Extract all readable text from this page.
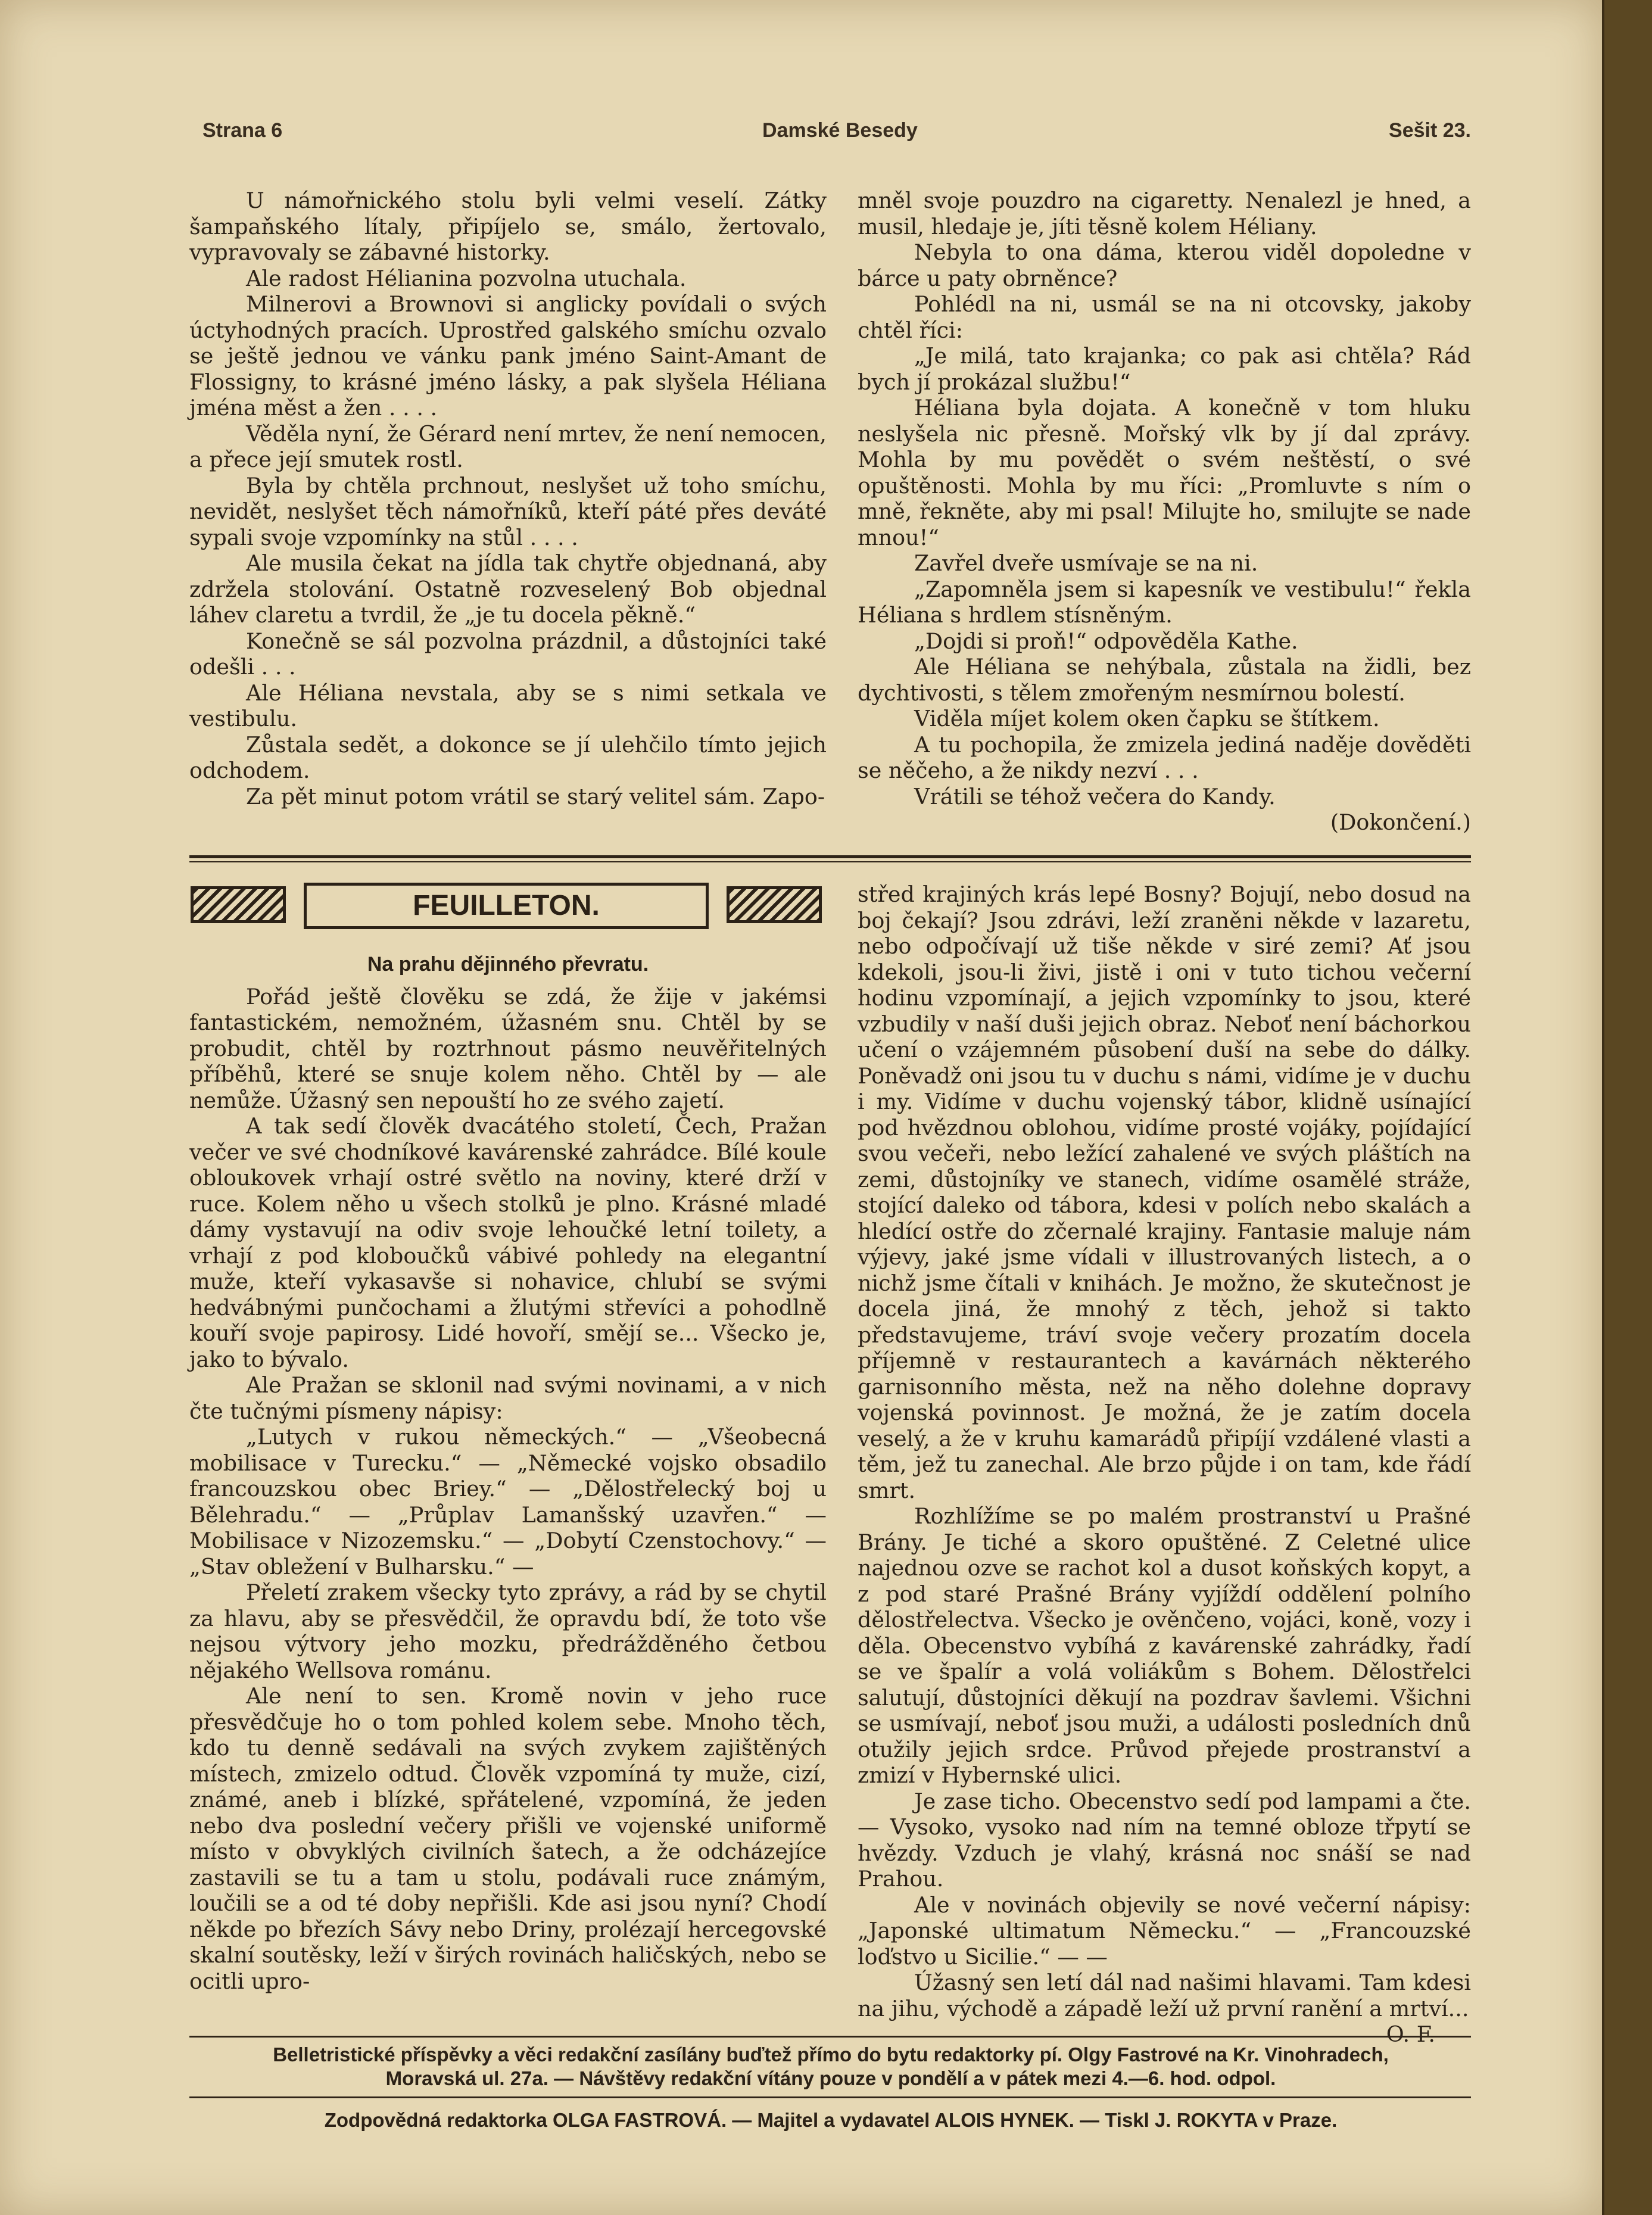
Strana 6	Damské Besedy	Sešit 23.

U námořnického stolu byli velmi veselí. Zátky šampaňského lítaly, připíjelo se, smálo, žertovalo, vypravovaly se zábavné historky.

Ale radost Hélianina pozvolna utuchala.

Milnerovi a Brownovi si anglicky povídali o svých úctyhodných pracích. Uprostřed galského smíchu ozvalo se ještě jednou ve vánku pank jméno Saint-Amant de Flossigny, to krásné jméno lásky, a pak slyšela Héliana jména měst a žen . . . .

Věděla nyní, že Gérard není mrtev, že není nemocen, a přece její smutek rostl.

Byla by chtěla prchnout, neslyšet už toho smíchu, nevidět, neslyšet těch námořníků, kteří páté přes deváté sypali svoje vzpomínky na stůl . . . .

Ale musila čekat na jídla tak chytře objednaná, aby zdržela stolování. Ostatně rozveselený Bob objednal láhev claretu a tvrdil, že „je tu docela pěkně.“

Konečně se sál pozvolna prázdnil, a důstojníci také odešli . . .

Ale Héliana nevstala, aby se s nimi setkala ve vestibulu.

Zůstala sedět, a dokonce se jí ulehčilo tímto jejich odchodem.

Za pět minut potom vrátil se starý velitel sám. Zapo-

mněl svoje pouzdro na cigaretty. Nenalezl je hned, a musil, hledaje je, jíti těsně kolem Héliany.

Nebyla to ona dáma, kterou viděl dopoledne v bárce u paty obrněnce?

Pohlédl na ni, usmál se na ni otcovsky, jakoby chtěl říci:

„Je milá, tato krajanka; co pak asi chtěla? Rád bych jí prokázal službu!“

Héliana byla dojata. A konečně v tom hluku neslyšela nic přesně. Mořský vlk by jí dal zprávy. Mohla by mu povědět o svém neštěstí, o své opuštěnosti. Mohla by mu říci: „Promluvte s ním o mně, řekněte, aby mi psal! Milujte ho, smilujte se nade mnou!“

Zavřel dveře usmívaje se na ni.

„Zapomněla jsem si kapesník ve vestibulu!“ řekla Héliana s hrdlem stísněným.

„Dojdi si proň!“ odpověděla Kathe.

Ale Héliana se nehýbala, zůstala na židli, bez dychtivosti, s tělem zmořeným nesmírnou bolestí.

Viděla míjet kolem oken čapku se štítkem.

A tu pochopila, že zmizela jediná naděje dověděti se něčeho, a že nikdy nezví . . .

Vrátili se téhož večera do Kandy.

(Dokončení.)

FEUILLETON.

Na prahu dějinného převratu.

Pořád ještě člověku se zdá, že žije v jakémsi fantastickém, nemožném, úžasném snu. Chtěl by se probudit, chtěl by roztrhnout pásmo neuvěřitelných příběhů, které se snuje kolem něho. Chtěl by — ale nemůže. Úžasný sen nepouští ho ze svého zajetí.

A tak sedí člověk dvacátého století, Čech, Pražan večer ve své chodníkové kavárenské zahrádce. Bílé koule obloukovek vrhají ostré světlo na noviny, které drží v ruce. Kolem něho u všech stolků je plno. Krásné mladé dámy vystavují na odiv svoje lehoučké letní toilety, a vrhají z pod kloboučků vábivé pohledy na elegantní muže, kteří vykasavše si nohavice, chlubí se svými hedvábnými punčochami a žlutými střevíci a pohodlně kouří svoje papirosy. Lidé hovoří, smějí se... Všecko je, jako to bývalo.

Ale Pražan se sklonil nad svými novinami, a v nich čte tučnými písmeny nápisy:

„Lutych v rukou německých.“ — „Všeobecná mobilisace v Turecku.“ — „Německé vojsko obsadilo francouzskou obec Briey.“ — „Dělostřelecký boj u Bělehradu.“ — „Průplav Lamanšský uzavřen.“ — Mobilisace v Nizozemsku.“ — „Dobytí Czenstochovy.“ — „Stav obležení v Bulharsku.“ —

Přeletí zrakem všecky tyto zprávy, a rád by se chytil za hlavu, aby se přesvědčil, že opravdu bdí, že toto vše nejsou výtvory jeho mozku, předrážděného četbou nějakého Wellsova románu.

Ale není to sen. Kromě novin v jeho ruce přesvědčuje ho o tom pohled kolem sebe. Mnoho těch, kdo tu denně sedávali na svých zvykem zajištěných místech, zmizelo odtud. Člověk vzpomíná ty muže, cizí, známé, aneb i blízké, spřátelené, vzpomíná, že jeden nebo dva poslední večery přišli ve vojenské uniformě místo v obvyklých civilních šatech, a že odcházejíce zastavili se tu a tam u stolu, podávali ruce známým, loučili se a od té doby nepřišli. Kde asi jsou nyní? Chodí někde po březích Sávy nebo Driny, prolézají hercegovské skalní soutěsky, leží v širých rovinách haličských, nebo se ocitli upro-

střed krajiných krás lepé Bosny? Bojují, nebo dosud na boj čekají? Jsou zdrávi, leží zraněni někde v lazaretu, nebo odpočívají už tiše někde v siré zemi? Ať jsou kdekoli, jsou-li živi, jistě i oni v tuto tichou večerní hodinu vzpomínají, a jejich vzpomínky to jsou, které vzbudily v naší duši jejich obraz. Neboť není báchorkou učení o vzájemném působení duší na sebe do dálky. Poněvadž oni jsou tu v duchu s námi, vidíme je v duchu i my. Vidíme v duchu vojenský tábor, klidně usínající pod hvězdnou oblohou, vidíme prosté vojáky, pojídající svou večeři, nebo ležící zahalené ve svých pláštích na zemi, důstojníky ve stanech, vidíme osamělé stráže, stojící daleko od tábora, kdesi v polích nebo skalách a hledící ostře do zčernalé krajiny. Fantasie maluje nám výjevy, jaké jsme vídali v illustrovaných listech, a o nichž jsme čítali v knihách. Je možno, že skutečnost je docela jiná, že mnohý z těch, jehož si takto představujeme, tráví svoje večery prozatím docela příjemně v restaurantech a kavárnách některého garnisonního města, než na něho dolehne dopravy vojenská povinnost. Je možná, že je zatím docela veselý, a že v kruhu kamarádů připíjí vzdálené vlasti a těm, jež tu zanechal. Ale brzo půjde i on tam, kde řádí smrt.

Rozhlížíme se po malém prostranství u Prašné Brány. Je tiché a skoro opuštěné. Z Celetné ulice najednou ozve se rachot kol a dusot koňských kopyt, a z pod staré Prašné Brány vyjíždí oddělení polního dělostřelectva. Všecko je ověnčeno, vojáci, koně, vozy i děla. Obecenstvo vybíhá z kavárenské zahrádky, řadí se ve špalír a volá voliákům s Bohem. Dělostřelci salutují, důstojníci děkují na pozdrav šavlemi. Všichni se usmívají, neboť jsou muži, a události posledních dnů otužily jejich srdce. Průvod přejede prostranství a zmizí v Hybernské ulici.

Je zase ticho. Obecenstvo sedí pod lampami a čte. — Vysoko, vysoko nad ním na temné obloze třpytí se hvězdy. Vzduch je vlahý, krásná noc snáší se nad Prahou.

Ale v novinách objevily se nové večerní nápisy: „Japonské ultimatum Německu.“ — „Francouzské loďstvo u Sicilie.“ — —

Úžasný sen letí dál nad našimi hlavami. Tam kdesi na jihu, východě a západě leží už první ranění a mrtví...

O. F.

Belletristické příspěvky a věci redakční zasílány buďtež přímo do bytu redaktorky pí. Olgy Fastrové na Kr. Vinohradech,
Moravská ul. 27a. — Návštěvy redakční vítány pouze v pondělí a v pátek mezi 4.—6. hod. odpol.
Zodpovědná redaktorka OLGA FASTROVÁ. — Majitel a vydavatel ALOIS HYNEK. — Tiskl J. ROKYTA v Praze.
